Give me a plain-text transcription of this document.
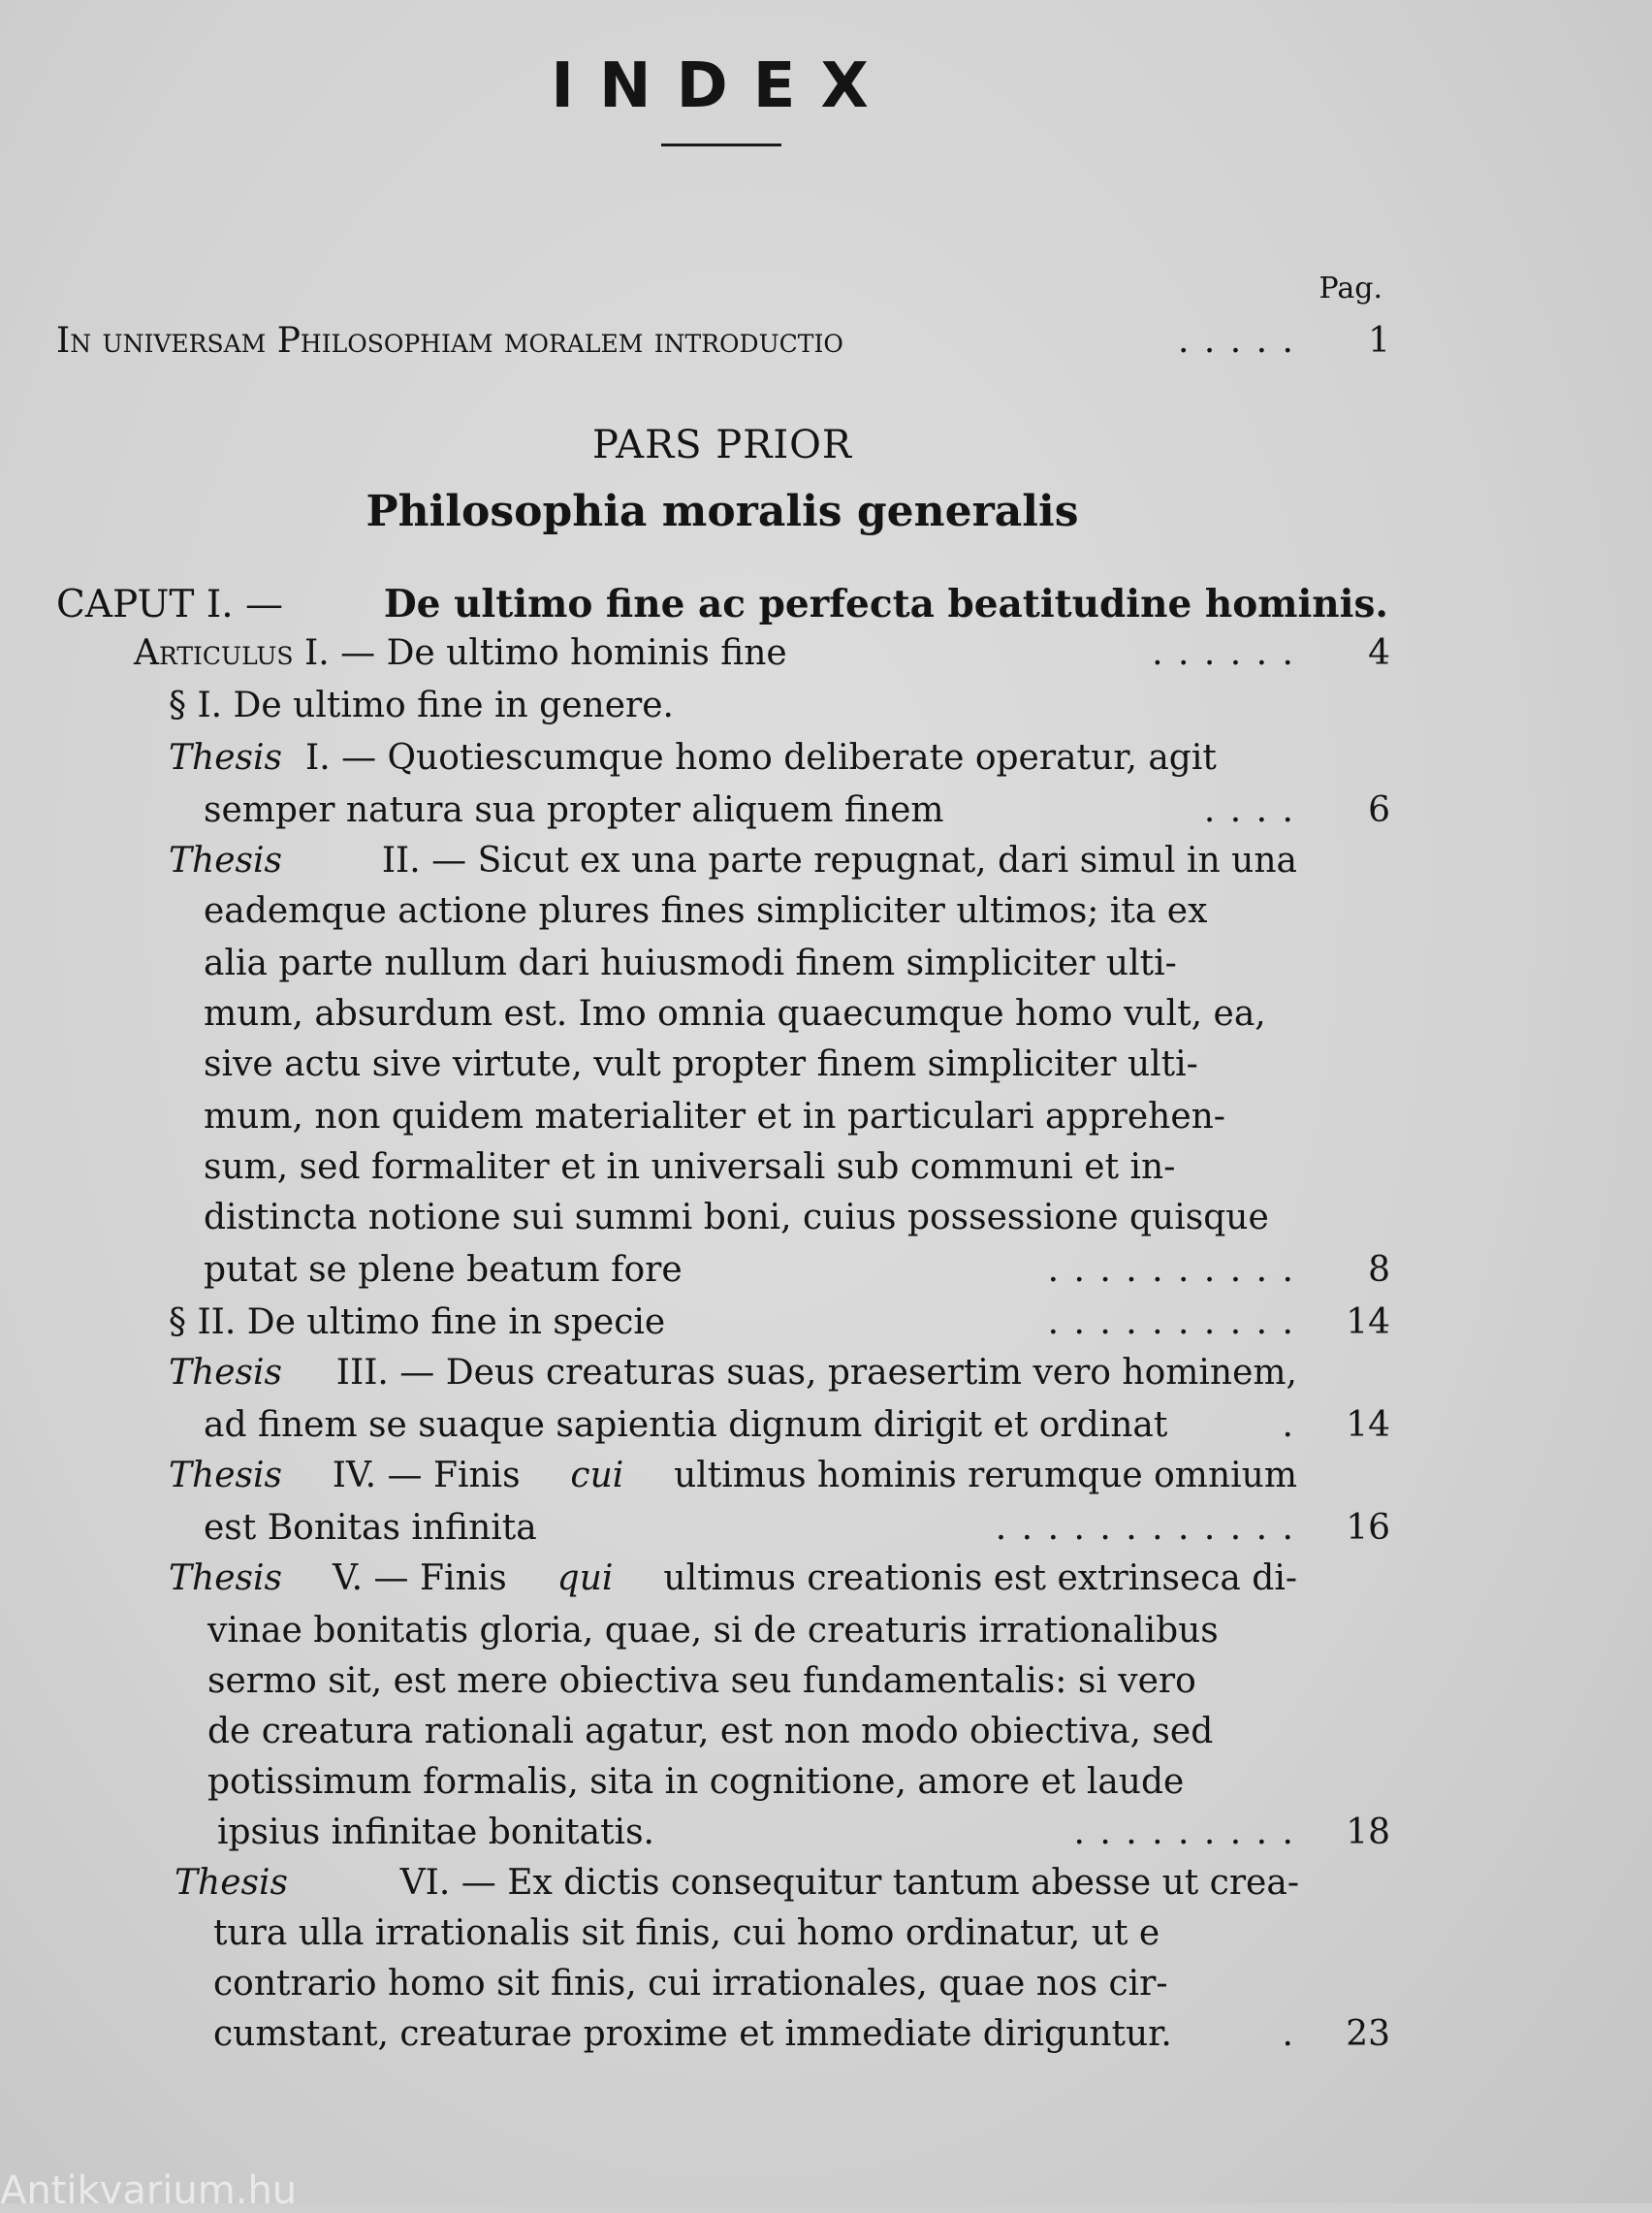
INDEX
Pag.
In universam Philosophiam moralem introductio	. . . . .	1
PARS PRIOR
Philosophia moralis generalis
CAPUT I. —	De ultimo fine ac perfecta beatitudine hominis.
Articulus I. — De ultimo hominis fine	. . . . . .	4
§ I. De ultimo fine in genere.
Thesis I. — Quotiescumque homo deliberate operatur, agit
semper natura sua propter aliquem finem	. . . .	6
Thesis	II. — Sicut ex una parte repugnat, dari simul in una
eademque actione plures fines simpliciter ultimos; ita ex
alia parte nullum dari huiusmodi finem simpliciter ulti-
mum, absurdum est. Imo omnia quaecumque homo vult, ea,
sive actu sive virtute, vult propter finem simpliciter ulti-
mum, non quidem materialiter et in particulari apprehen-
sum, sed formaliter et in universali sub communi et in-
distincta notione sui summi boni, cuius possessione quisque
putat se plene beatum fore	. . . . . . . . . .	8
§ II. De ultimo fine in specie	. . . . . . . . . .	14
Thesis III. — Deus creaturas suas, praesertim vero hominem,
ad finem se suaque sapientia dignum dirigit et ordinat	.	14
Thesis IV. — Finis cui ultimus hominis rerumque omnium
est Bonitas infinita	. . . . . . . . . . . .	16
Thesis V. — Finis qui ultimus creationis est extrinseca di-
vinae bonitatis gloria, quae, si de creaturis irrationalibus
sermo sit, est mere obiectiva seu fundamentalis: si vero
de creatura rationali agatur, est non modo obiectiva, sed
potissimum formalis, sita in cognitione, amore et laude
ipsius infinitae bonitatis.	. . . . . . . . .	18
Thesis	VI. — Ex dictis consequitur tantum abesse ut crea-
tura ulla irrationalis sit finis, cui homo ordinatur, ut e
contrario homo sit finis, cui irrationales, quae nos cir-
cumstant, creaturae proxime et immediate diriguntur.	.	23
Antikvarium.hu
